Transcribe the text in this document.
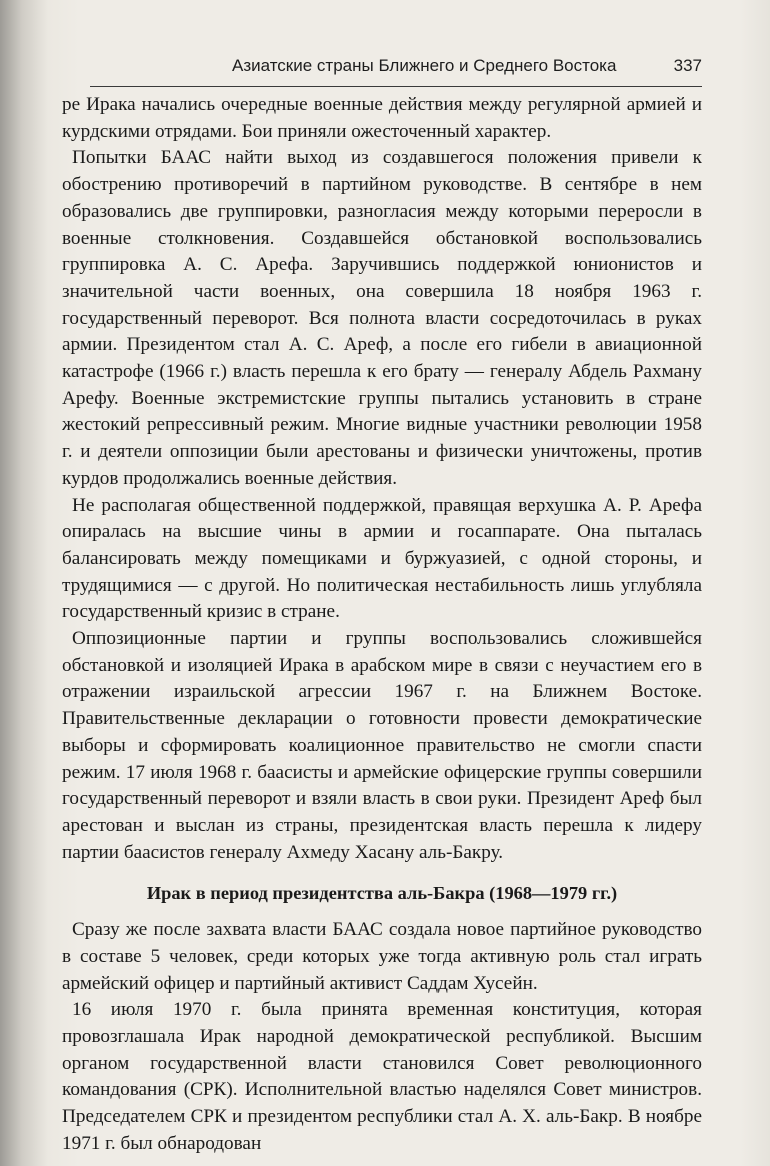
Азиатские страны Ближнего и Среднего Востока	337

ре Ирака начались очередные военные действия между регулярной армией и курдскими отрядами. Бои приняли ожесточенный характер.

Попытки БААС найти выход из создавшегося положения привели к обострению противоречий в партийном руководстве. В сентябре в нем образовались две группировки, разногласия между которыми переросли в военные столкновения. Создавшейся обстановкой воспользовались группировка А. С. Арефа. Заручившись поддержкой юнионистов и значительной части военных, она совершила 18 ноября 1963 г. государственный переворот. Вся полнота власти сосредоточилась в руках армии. Президентом стал А. С. Ареф, а после его гибели в авиационной катастрофе (1966 г.) власть перешла к его брату — генералу Абдель Рахману Арефу. Военные экстремистские группы пытались установить в стране жестокий репрессивный режим. Многие видные участники революции 1958 г. и деятели оппозиции были арестованы и физически уничтожены, против курдов продолжались военные действия.

Не располагая общественной поддержкой, правящая верхушка А. Р. Арефа опиралась на высшие чины в армии и госаппарате. Она пыталась балансировать между помещиками и буржуазией, с одной стороны, и трудящимися — с другой. Но политическая нестабильность лишь углубляла государственный кризис в стране.

Оппозиционные партии и группы воспользовались сложившейся обстановкой и изоляцией Ирака в арабском мире в связи с неучастием его в отражении израильской агрессии 1967 г. на Ближнем Востоке. Правительственные декларации о готовности провести демократические выборы и сформировать коалиционное правительство не смогли спасти режим. 17 июля 1968 г. баасисты и армейские офицерские группы совершили государственный переворот и взяли власть в свои руки. Президент Ареф был арестован и выслан из страны, президентская власть перешла к лидеру партии баасистов генералу Ахмеду Хасану аль-Бакру.

Ирак в период президентства аль-Бакра (1968—1979 гг.)

Сразу же после захвата власти БААС создала новое партийное руководство в составе 5 человек, среди которых уже тогда активную роль стал играть армейский офицер и партийный активист Саддам Хусейн.

16 июля 1970 г. была принята временная конституция, которая провозглашала Ирак народной демократической республикой. Высшим органом государственной власти становился Совет революционного командования (СРК). Исполнительной властью наделялся Совет министров. Председателем СРК и президентом республики стал А. Х. аль-Бакр. В ноябре 1971 г. был обнародован
